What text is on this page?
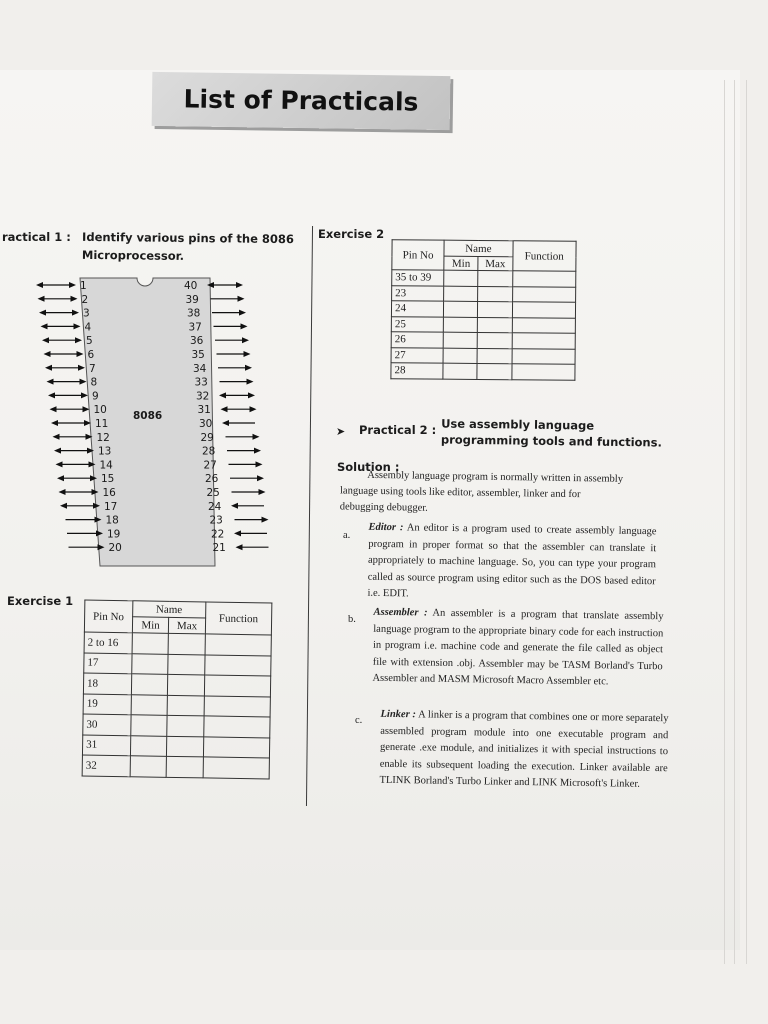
List of Practicals
ractical 1 : Identify various pins of the 8086
Microprocessor.
1	40
2	39
3	38
4	37
5	36
6	35
7	34
8	33
9	32
10	31
11	30
12	29
13	28
14	27
15	26
16	25
17	24
18	23
19	22
20	21
8086
Exercise 1
Pin No	Name		Function
	Min	Max	
2 to 16			
17			
18			
19			
30			
31			
32			
Exercise 2
Pin No	Name		Function
	Min	Max	
35 to 39			
23			
24			
25			
26			
27			
28			
➤ Practical 2 : Use assembly language
programming tools and functions.
Solution :
Assembly language program is normally written in assembly
language using tools like editor, assembler, linker and for
debugging debugger.
a.
Editor : An editor is a program used to create assembly language program in proper format so that the assembler can translate it appropriately to machine language. So, you can type your program called as source program using editor such as the DOS based editor i.e. EDIT.
b.
Assembler : An assembler is a program that translate assembly language program to the appropriate binary code for each instruction in program i.e. machine code and generate the file called as object file with extension .obj. Assembler may be TASM Borland's Turbo Assembler and MASM Microsoft Macro Assembler etc.
c.
Linker : A linker is a program that combines one or more separately assembled program module into one executable program and generate .exe module, and initializes it with special instructions to enable its subsequent loading the execution. Linker available are TLINK Borland's Turbo Linker and LINK Microsoft's Linker.
